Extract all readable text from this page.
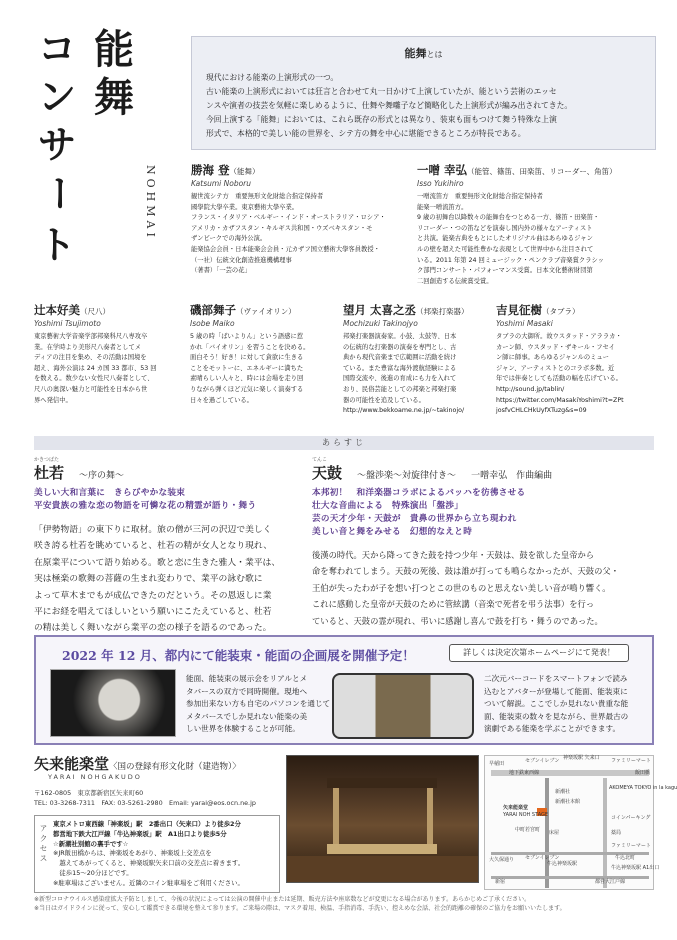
能
舞
コ
ン
サ
ー
ト
NOHMAI
能舞とは
現代における能楽の上演形式の一つ。
古い能楽の上演形式においては狂言と合わせて丸一日かけて上演していたが、能という芸術のエッセ
ンスや演者の技芸を気軽に楽しめるように、仕舞や舞囃子など簡略化した上演形式が編み出されてきた。
今回上演する「能舞」においては、これら既存の形式とは異なり、装束も面もつけて舞う特殊な上演
形式で、本格的で美しい能の世界を、シテ方の舞を中心に堪能できるところが特長である。
勝海 登（能舞）
Katsumi Noboru
観世流シテ方　重要無形文化財総合指定保持者
國學院大學卒業。東京藝術大學卒業。
フランス・イタリア・ベルギー・インド・オーストラリア・ロシア・
アメリカ・カザフスタン・キルギス共和国・ウズベキスタン・モ
ザンビークでの海外公演。
能楽協会会員・日本能楽会会員・元カザフ国立藝術大學客員教授・
（一社）伝統文化創造推進機構理事
（著書）「一芸の花」
一噌 幸弘（能管、篠笛、田楽笛、リコーダー、角笛）
Isso Yukihiro
一噌流笛方　重要無形文化財総合指定保持者
能楽一噌流笛方。
9 歳の初舞台以降数々の能舞台をつとめる一方、篠笛・田楽笛・
リコーダー・つの笛などを演奏し国内外の様々なアーティスト
と共演。能楽古典をもとにしたオリジナル曲はあらゆるジャン
ルの壁を超えた可能性豊かな表現として世界中から注目されて
いる。2011 年第 24 回ミュージック・ペンクラブ音楽賞クラシッ
ク部門コンサート・パフォーマンス受賞。日本文化藝術財団第
二回創造する伝統賞受賞。
辻本好美（尺八）
Yoshimi Tsujimoto
東京藝術大学音楽学部邦楽科尺八専攻卒
業。在学時より美形尺八奏者としてメ
ディアの注目を集め、その活動は国境を
超え、海外公演は 24 カ国 33 都市、53 回
を数える。数少ない女性尺八奏者として、
尺八の奥深い魅力と可能性を日本から世
界へ発信中。
磯部舞子（ヴァイオリン）
Isobe Maiko
5 歳の時「ばいよりん」という語感に惹
かれ「バイオリン」を習うことを決める。
面白そう！好き！に対して貪欲に生きる
ことをモットーに、エネルギーに満ちた
素晴らしい人々と、時には会場を走り回
りながら弾くほど元気に楽しく演奏する
日々を過ごしている。
望月 太喜之丞（邦楽打楽器）
Mochizuki Takinojyo
邦楽打楽器演奏家。小鼓、太鼓等、日本
の伝統的な打楽器の演奏を専門とし、古
典から現代音楽まで広範囲に活動を続け
ている。また豊富な海外渡航経験による
国際交流や、後進の育成にも力を入れて
おり、民俗芸能としての邦楽と邦楽打楽
器の可能性を追及している。
http://www.bekkoame.ne.jp/~takinojo/
吉見征樹（タブラ）
Yoshimi Masaki
タブラの大御所。故ウスタッド・アララカ・
カーン師、ウスタッド・ザキール・フセイ
ン師に師事。あらゆるジャンルのミュー
ジャン、アーティストとのコラボ多数。近
年では伴奏としても活動の幅を広げている。
http://sound.jp/tablin/
https://twitter.com/MasakiYoshimi?t=ZPt
josfvCHLCHkUyfXTuzg&s=09
あらすじ
かきつばた
杜若　 〜序の舞〜
美しい大和言葉に　きらびやかな装束
平安貴族の雅な恋の物語を可憐な花の精霊が語り・舞う
「伊勢物語」の東下りに取材。旅の僧が三河の沢辺で美しく
咲き誇る杜若を眺めていると、杜若の精が女人となり現れ、
在原業平について語り始める。歌と恋に生きた雅人・業平は、
実は極楽の歌舞の菩薩の生まれ変わりで、業平の詠む歌に
よって草木までもが成仏できたのだという。その恩返しに業
平にお経を唱えてほしいという願いにこたえていると、杜若
の精は美しく舞いながら業平の恋の様子を語るのであった。
てんこ
天鼓　 〜盤渉楽〜対旋律付き〜　 一噌幸弘　作曲編曲
本邦初！　和洋楽器コラボによるバッハを彷彿させる
壮大な音曲による　特殊演出「盤渉」
芸の天才少年・天鼓が　貴鼻の世界から立ち現われ
美しい音と舞をみせる　幻想的なえと時
後漢の時代。天から降ってきた鼓を持つ少年・天鼓は、鼓を欲した皇帝から
命を奪われてしまう。天鼓の死後、鼓は誰が打っても鳴らなかったが、天鼓の父・
王伯が失ったわが子を想い打つとこの世のものと思えない美しい音が鳴り響く。
これに感動した皇帝が天鼓のために管絃講（音楽で死者を弔う法事）を行っ
ていると、天鼓の霊が現れ、弔いに感謝し喜んで鼓を打ち・舞うのであった。
2022 年 12 月、都内にて能装束・能面の企画展を開催予定！	詳しくは決定次第ホームページにて発表！
能面、能装束の展示会をリアルとメ
タバースの双方で同時開催。現地へ
参加出来ない方も自宅のパソコンを通じて
メタバースでしか見れない能楽の美
しい世界を体験することが可能。
二次元バーコードをスマートフォンで読み
込むとアバターが登場して能面、能装束に
ついて解説。ここでしか見れない貴重な能
面、能装束の数々を見ながら、世界最古の
演劇である能楽を学ぶことができます。
矢来能楽堂〈国の登録有形文化財（建造物）〉
YARAI NOHGAKUDO
〒162-0805　東京都新宿区矢来町60
TEL: 03-3268-7311　FAX: 03-5261-2980　Email: yarai@eos.ocn.ne.jp
アクセス 東京メトロ東西線「神楽坂」駅　2番出口（矢来口）より徒歩2分
都営地下鉄大江戸線「牛込神楽坂」駅　A1出口より徒歩5分
☆新潮社別館の裏手です☆
※JR飯田橋からは、神楽坂をあがり、神楽坂上交差点を
　越えてあがってくると、神楽坂駅矢来口前の交差点に着きます。
　徒歩15〜20分ほどです。
※駐車場はございません。近隣のコイン駐車場をご利用ください。
セブンイレブン 神楽坂駅 矢来口 ファミリーマート
早稲田
地下鉄東西線	飯田橋
AKOMEYA TOKYO in la kagu
新潮社
矢来能楽堂
YARAI NOH STAGE
新潮社本館
中町若宮町
コインパーキング
床屋	薬局
大久保通り セブンイレブン
牛込神楽坂駅
ファミリーマート
牛込北町
牛込神楽坂駅 A1出口
新宿	都営大江戸線
※新型コロナウイルス感染症拡大予防としまして、今後の状況によっては公演の開催中止または延期、販売方法や座席数などが変更になる場合があります。あらかじめご了承ください。
※当日はガイドラインに従って、安心して鑑賞できる環境を整えて参ります。ご来場の際は、マスク着用、検温、手指消毒、手洗い、控えめな会話、社会的距離の確保のご協力をお願いいたします。
